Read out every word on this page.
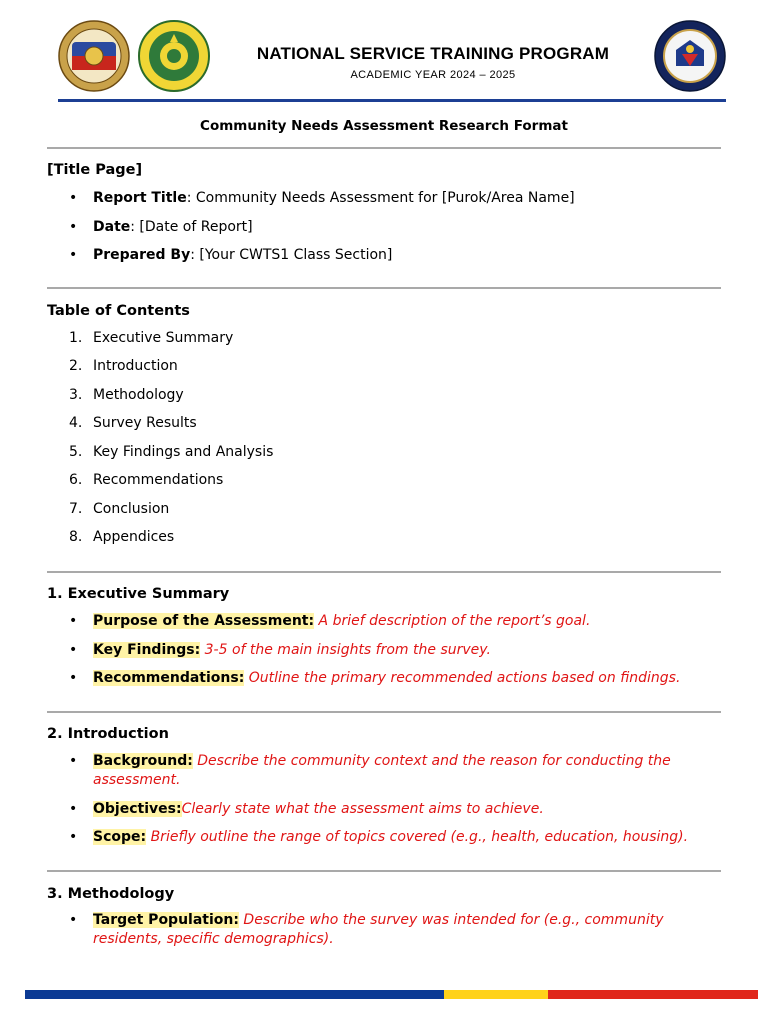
NATIONAL SERVICE TRAINING PROGRAM
ACADEMIC YEAR 2024 – 2025
Community Needs Assessment Research Format
[Title Page]
• Report Title: Community Needs Assessment for [Purok/Area Name]
• Date: [Date of Report]
• Prepared By: [Your CWTS1 Class Section]
Table of Contents
1. Executive Summary
2. Introduction
3. Methodology
4. Survey Results
5. Key Findings and Analysis
6. Recommendations
7. Conclusion
8. Appendices
1. Executive Summary
• Purpose of the Assessment: A brief description of the report’s goal.
• Key Findings: 3-5 of the main insights from the survey.
• Recommendations: Outline the primary recommended actions based on findings.
2. Introduction
• Background: Describe the community context and the reason for conducting the assessment.
• Objectives:Clearly state what the assessment aims to achieve.
• Scope: Briefly outline the range of topics covered (e.g., health, education, housing).
3. Methodology
• Target Population: Describe who the survey was intended for (e.g., community residents, specific demographics).
